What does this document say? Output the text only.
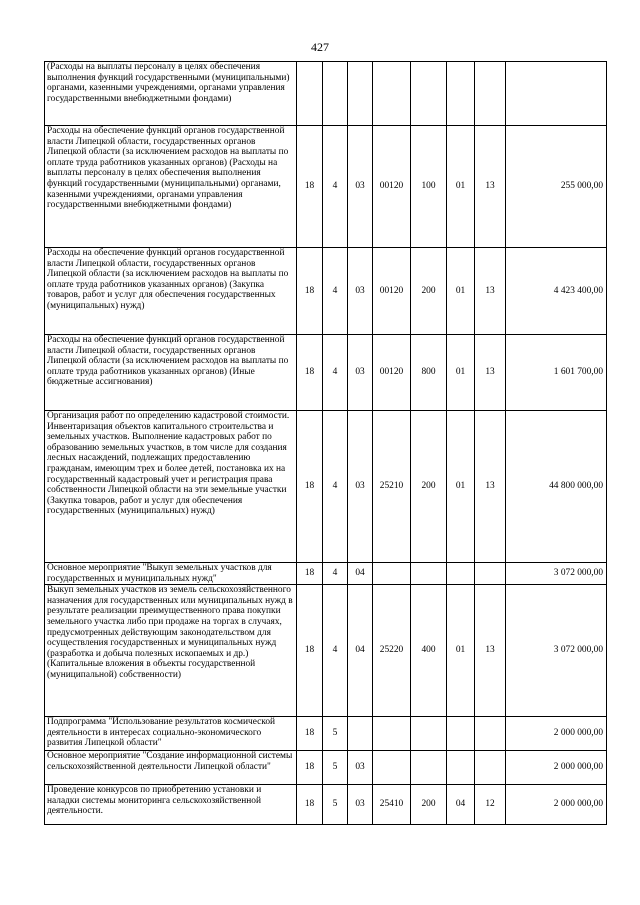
427
(Расходы на выплаты персоналу в целях обеспечения выполнения функций государственными (муниципальными) органами, казенными учреждениями, органами управления государственными внебюджетными фондами)								
Расходы на обеспечение функций органов государственной власти Липецкой области, государственных органов Липецкой области (за исключением расходов на выплаты по оплате труда работников указанных органов) (Расходы на выплаты персоналу в целях обеспечения выполнения функций государственными (муниципальными) органами, казенными учреждениями, органами управления государственными внебюджетными фондами)	18	4	03	00120	100	01	13	255 000,00
Расходы на обеспечение функций органов государственной власти Липецкой области, государственных органов Липецкой области (за исключением расходов на выплаты по оплате труда работников указанных органов) (Закупка товаров, работ и услуг для обеспечения государственных (муниципальных) нужд)	18	4	03	00120	200	01	13	4 423 400,00
Расходы на обеспечение функций органов государственной власти Липецкой области, государственных органов Липецкой области (за исключением расходов на выплаты по оплате труда работников указанных органов) (Иные бюджетные ассигнования)	18	4	03	00120	800	01	13	1 601 700,00
Организация работ по определению кадастровой стоимости. Инвентаризация объектов капитального строительства и земельных участков. Выполнение кадастровых работ по образованию земельных участков, в том числе для создания лесных насаждений, подлежащих предоставлению гражданам, имеющим трех и более детей, постановка их на государственный кадастровый учет и регистрация права собственности Липецкой области на эти земельные участки (Закупка товаров, работ и услуг для обеспечения государственных (муниципальных) нужд)	18	4	03	25210	200	01	13	44 800 000,00
Основное мероприятие "Выкуп земельных участков для государственных и муниципальных нужд"	18	4	04					3 072 000,00
Выкуп земельных участков из земель сельскохозяйственного назначения для государственных или муниципальных нужд в результате реализации преимущественного права покупки земельного участка либо при продаже на торгах в случаях, предусмотренных действующим законодательством для осуществления государственных и муниципальных нужд (разработка и добыча полезных ископаемых и др.) (Капитальные вложения в объекты государственной (муниципальной) собственности)	18	4	04	25220	400	01	13	3 072 000,00
Подпрограмма "Использование результатов космической деятельности в интересах социально-экономического развития Липецкой области"	18	5						2 000 000,00
Основное мероприятие "Создание информационной системы сельскохозяйственной деятельности Липецкой области"	18	5	03					2 000 000,00
Проведение конкурсов по приобретению установки и наладки системы мониторинга сельскохозяйственной деятельности.	18	5	03	25410	200	04	12	2 000 000,00
